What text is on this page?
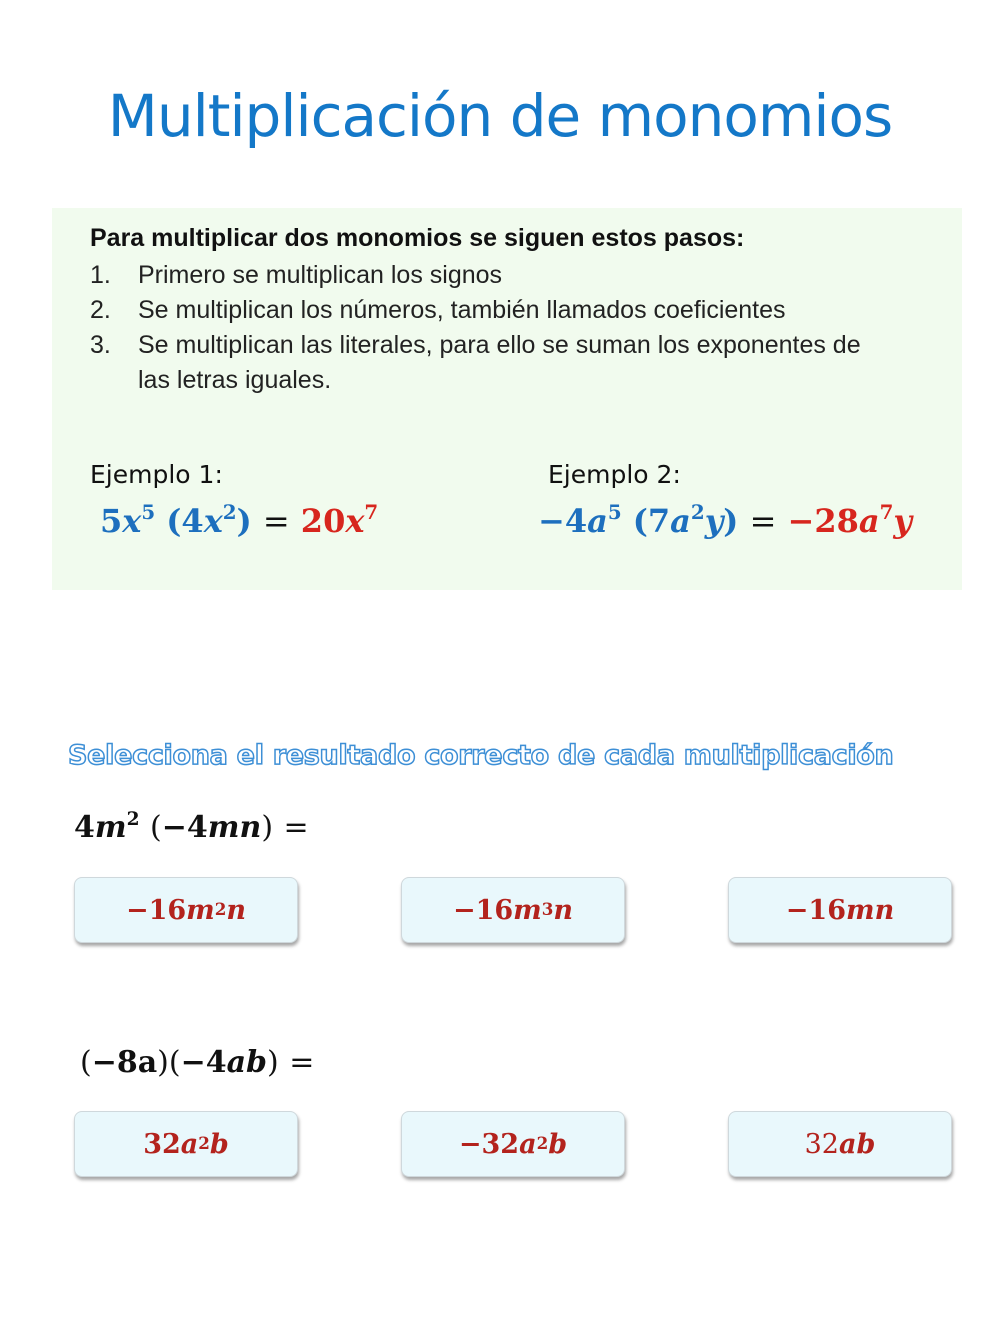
Multiplicación de monomios
Para multiplicar dos monomios se siguen estos pasos:
1. Primero se multiplican los signos
2. Se multiplican los números, también llamados coeficientes
3. Se multiplican las literales, para ello se suman los exponentes de las letras iguales.
Ejemplo 1:	Ejemplo 2:
$5x^5$ $(4x^2) = 20x^7$	$-4a^5$ $(7a^2y) = -28a^7y$
Selecciona el resultado correcto de cada multiplicación
$4m^2$ (−4mn) =
−16 $m^2$ n	−16 $m^3$ n	−16 mn
(−8a)(−4ab) =
32 $a^2$ b	−32 $a^2$ b	32 ab
